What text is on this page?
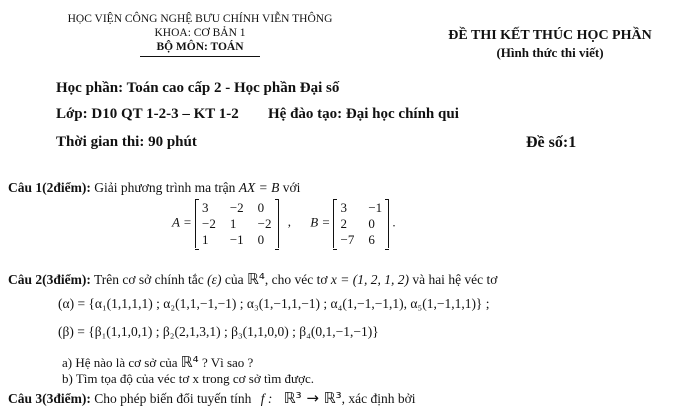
HỌC VIỆN CÔNG NGHỆ BƯU CHÍNH VIỄN THÔNG
KHOA: CƠ BẢN 1
BỘ MÔN: TOÁN
ĐỀ THI KẾT THÚC HỌC PHẦN
(Hình thức thi viết)
Học phần: Toán cao cấp 2 - Học phần Đại số
Lớp: D10 QT 1-2-3 – KT 1-2 Hệ đào tạo: Đại học chính qui
Thời gian thi: 90 phút	Đề số:1
Câu 1(2điểm): Giải phương trình ma trận AX = B với
A =
3	−2 0
−2 1	−2
1	−1 0
, B =
3	−1
2	0
−7 6
.
Câu 2(3điểm): Trên cơ sở chính tắc (ε) của ℝ⁴, cho véc tơ x = (1, 2, 1, 2) và hai hệ véc tơ
(α) = {α₁(1,1,1,1) ; α₂(1,1,−1,−1) ; α₃(1,−1,1,−1) ; α₄(1,−1,−1,1), α₅(1,−1,1,1)} ;
(β) = {β₁(1,1,0,1) ; β₂(2,1,3,1) ; β₃(1,1,0,0) ; β₄(0,1,−1,−1)}
a) Hệ nào là cơ sở của ℝ⁴ ? Vì sao ?
b) Tìm tọa độ của véc tơ x trong cơ sở tìm được.
Câu 3(3điểm): Cho phép biến đổi tuyến tính f : ℝ³ → ℝ³, xác định bởi
